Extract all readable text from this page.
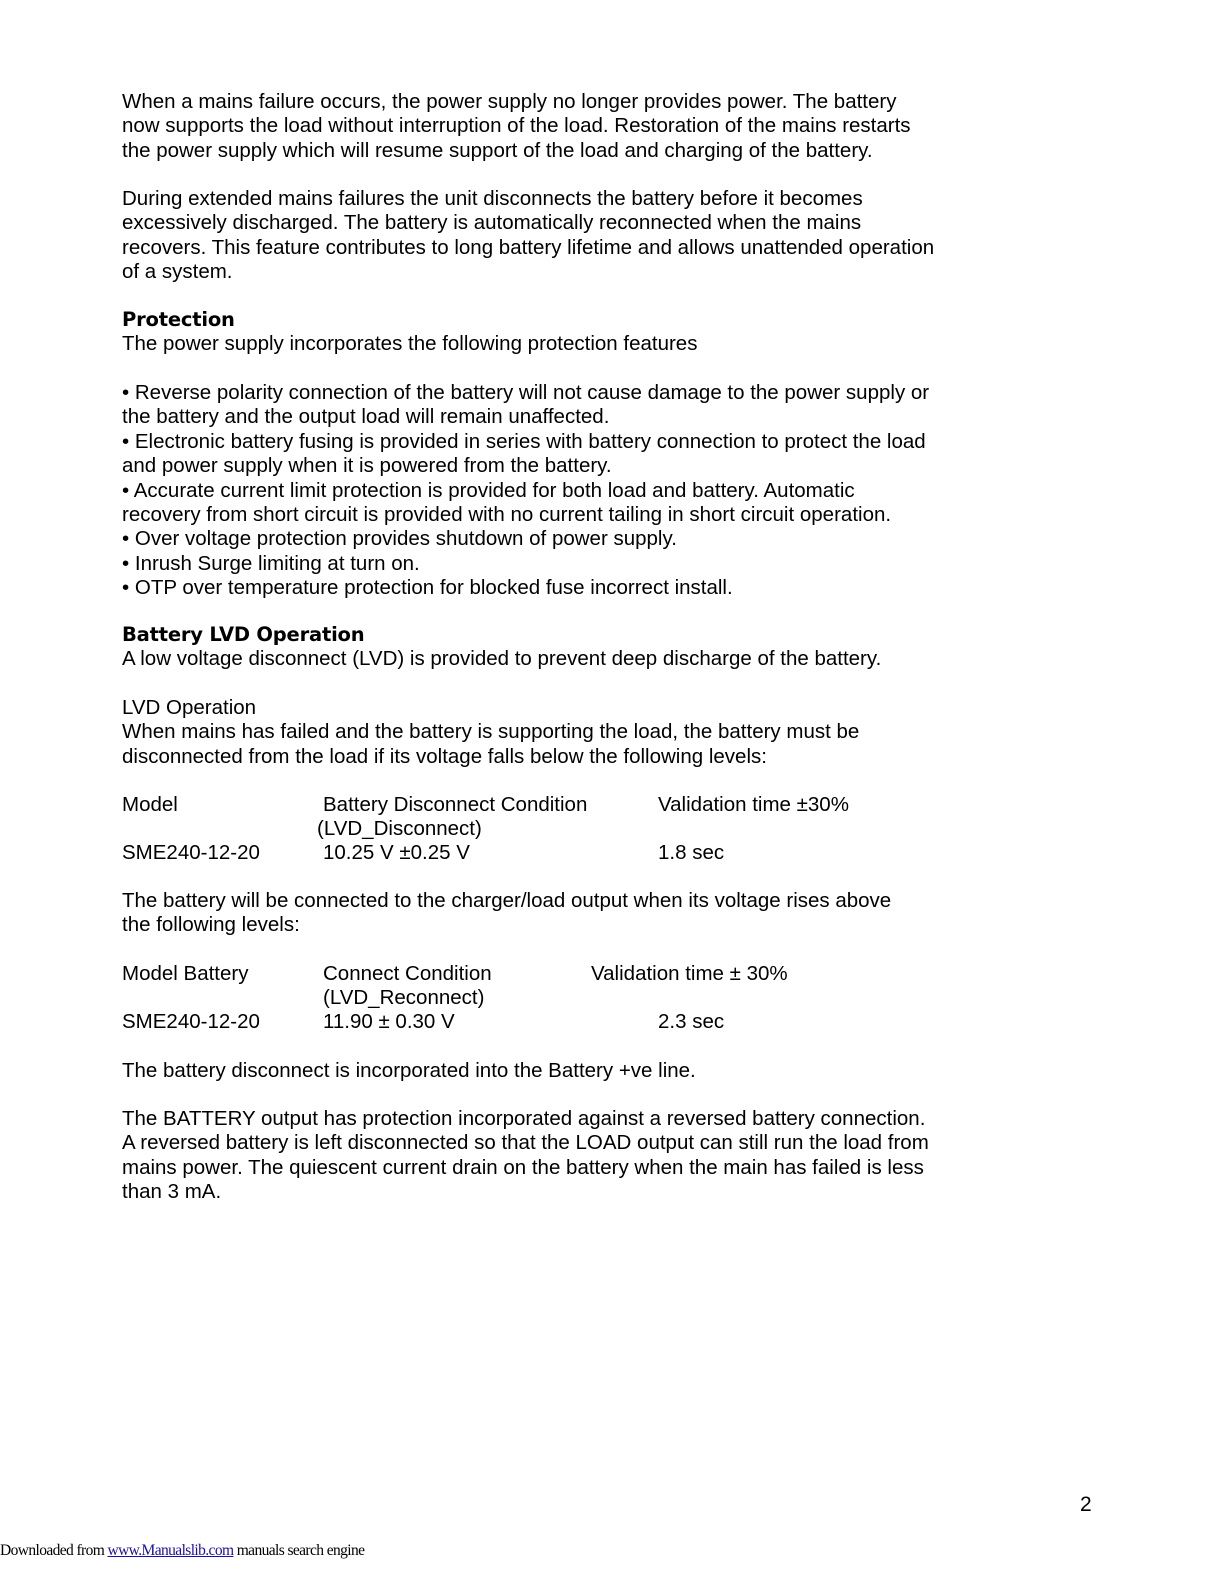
When a mains failure occurs, the power supply no longer provides power. The battery
now supports the load without interruption of the load. Restoration of the mains restarts
the power supply which will resume support of the load and charging of the battery.
During extended mains failures the unit disconnects the battery before it becomes
excessively discharged. The battery is automatically reconnected when the mains
recovers. This feature contributes to long battery lifetime and allows unattended operation
of a system.
Protection
The power supply incorporates the following protection features
• Reverse polarity connection of the battery will not cause damage to the power supply or
the battery and the output load will remain unaffected.
• Electronic battery fusing is provided in series with battery connection to protect the load
and power supply when it is powered from the battery.
• Accurate current limit protection is provided for both load and battery. Automatic
recovery from short circuit is provided with no current tailing in short circuit operation.
• Over voltage protection provides shutdown of power supply.
• Inrush Surge limiting at turn on.
• OTP over temperature protection for blocked fuse incorrect install.
Battery LVD Operation
A low voltage disconnect (LVD) is provided to prevent deep discharge of the battery.
LVD Operation
When mains has failed and the battery is supporting the load, the battery must be
disconnected from the load if its voltage falls below the following levels:
Model	Battery Disconnect Condition	Validation time ±30%
(LVD_Disconnect)
SME240-12-20	10.25 V ±0.25 V	1.8 sec
The battery will be connected to the charger/load output when its voltage rises above
the following levels:
Model Battery	Connect Condition	Validation time ± 30%
(LVD_Reconnect)
SME240-12-20	11.90 ± 0.30 V	2.3 sec
The battery disconnect is incorporated into the Battery +ve line.
The BATTERY output has protection incorporated against a reversed battery connection.
A reversed battery is left disconnected so that the LOAD output can still run the load from
mains power. The quiescent current drain on the battery when the main has failed is less
than 3 mA.
2
Downloaded from www.Manualslib.com manuals search engine
